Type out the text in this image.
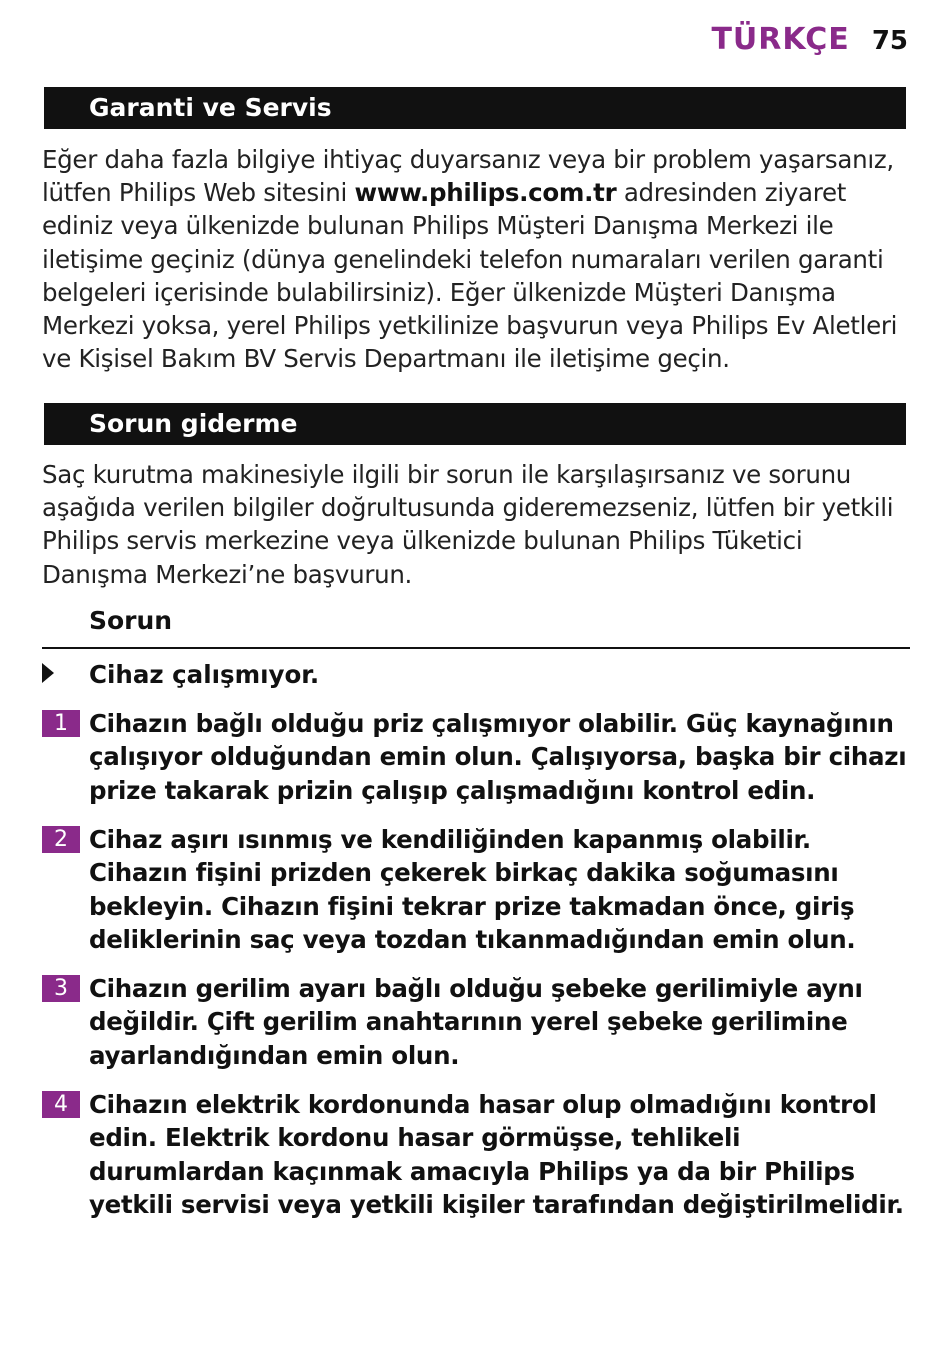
TÜRKÇE 75
Garanti ve Servis

Eğer daha fazla bilgiye ihtiyaç duyarsanız veya bir problem yaşarsanız, lütfen Philips Web sitesini www.philips.com.tr adresinden ziyaret ediniz veya ülkenizde bulunan Philips Müşteri Danışma Merkezi ile iletişime geçiniz (dünya genelindeki telefon numaraları verilen garanti belgeleri içerisinde bulabilirsiniz). Eğer ülkenizde Müşteri Danışma Merkezi yoksa, yerel Philips yetkilinize başvurun veya Philips Ev Aletleri ve Kişisel Bakım BV Servis Departmanı ile iletişime geçin.

Sorun giderme

Saç kurutma makinesiyle ilgili bir sorun ile karşılaşırsanız ve sorunu aşağıda verilen bilgiler doğrultusunda gideremezseniz, lütfen bir yetkili Philips servis merkezine veya ülkenizde bulunan Philips Tüketici Danışma Merkezi’ne başvurun.

Sorun
Cihaz çalışmıyor.
1 Cihazın bağlı olduğu priz çalışmıyor olabilir. Güç kaynağının çalışıyor olduğundan emin olun. Çalışıyorsa, başka bir cihazı prize takarak prizin çalışıp çalışmadığını kontrol edin.
2 Cihaz aşırı ısınmış ve kendiliğinden kapanmış olabilir. Cihazın fişini prizden çekerek birkaç dakika soğumasını bekleyin. Cihazın fişini tekrar prize takmadan önce, giriş deliklerinin saç veya tozdan tıkanmadığından emin olun.
3 Cihazın gerilim ayarı bağlı olduğu şebeke gerilimiyle aynı değildir. Çift gerilim anahtarının yerel şebeke gerilimine ayarlandığından emin olun.
4 Cihazın elektrik kordonunda hasar olup olmadığını kontrol edin. Elektrik kordonu hasar görmüşse, tehlikeli durumlardan kaçınmak amacıyla Philips ya da bir Philips yetkili servisi veya yetkili kişiler tarafından değiştirilmelidir.
